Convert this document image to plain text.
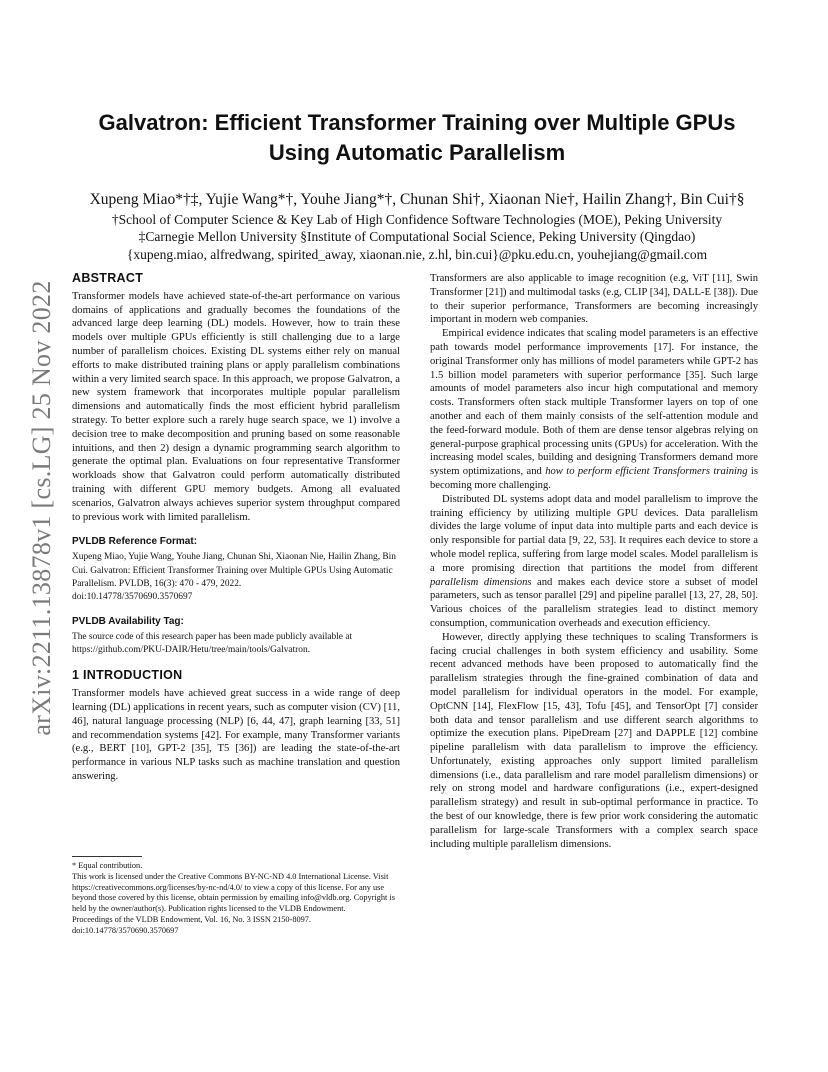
arXiv:2211.13878v1 [cs.LG] 25 Nov 2022
Galvatron: Efficient Transformer Training over Multiple GPUs
Using Automatic Parallelism
Xupeng Miao*†‡, Yujie Wang*†, Youhe Jiang*†, Chunan Shi†, Xiaonan Nie†, Hailin Zhang†, Bin Cui†§
†School of Computer Science & Key Lab of High Confidence Software Technologies (MOE), Peking University
‡Carnegie Mellon University §Institute of Computational Social Science, Peking University (Qingdao)
{xupeng.miao, alfredwang, spirited_away, xiaonan.nie, z.hl, bin.cui}@pku.edu.cn, youhejiang@gmail.com
ABSTRACT

Transformer models have achieved state-of-the-art performance on various domains of applications and gradually becomes the foundations of the advanced large deep learning (DL) models. However, how to train these models over multiple GPUs efficiently is still challenging due to a large number of parallelism choices. Existing DL systems either rely on manual efforts to make distributed training plans or apply parallelism combinations within a very limited search space. In this approach, we propose Galvatron, a new system framework that incorporates multiple popular parallelism dimensions and automatically finds the most efficient hybrid parallelism strategy. To better explore such a rarely huge search space, we 1) involve a decision tree to make decomposition and pruning based on some reasonable intuitions, and then 2) design a dynamic programming search algorithm to generate the optimal plan. Evaluations on four representative Transformer workloads show that Galvatron could perform automatically distributed training with different GPU memory budgets. Among all evaluated scenarios, Galvatron always achieves superior system throughput compared to previous work with limited parallelism.

PVLDB Reference Format:

Xupeng Miao, Yujie Wang, Youhe Jiang, Chunan Shi, Xiaonan Nie, Hailin Zhang, Bin Cui. Galvatron: Efficient Transformer Training over Multiple GPUs Using Automatic Parallelism. PVLDB, 16(3): 470 - 479, 2022.

doi:10.14778/3570690.3570697

PVLDB Availability Tag:

The source code of this research paper has been made publicly available at https://github.com/PKU-DAIR/Hetu/tree/main/tools/Galvatron.

1 INTRODUCTION

Transformer models have achieved great success in a wide range of deep learning (DL) applications in recent years, such as computer vision (CV) [11, 46], natural language processing (NLP) [6, 44, 47], graph learning [33, 51] and recommendation systems [42]. For example, many Transformer variants (e.g., BERT [10], GPT-2 [35], T5 [36]) are leading the state-of-the-art performance in various NLP tasks such as machine translation and question answering.

* Equal contribution.

This work is licensed under the Creative Commons BY-NC-ND 4.0 International License. Visit https://creativecommons.org/licenses/by-nc-nd/4.0/ to view a copy of this license. For any use beyond those covered by this license, obtain permission by emailing info@vldb.org. Copyright is held by the owner/author(s). Publication rights licensed to the VLDB Endowment.

Proceedings of the VLDB Endowment, Vol. 16, No. 3 ISSN 2150-8097.

doi:10.14778/3570690.3570697

Transformers are also applicable to image recognition (e.g, ViT [11], Swin Transformer [21]) and multimodal tasks (e.g, CLIP [34], DALL-E [38]). Due to their superior performance, Transformers are becoming increasingly important in modern web companies.

Empirical evidence indicates that scaling model parameters is an effective path towards model performance improvements [17]. For instance, the original Transformer only has millions of model parameters while GPT-2 has 1.5 billion model parameters with superior performance [35]. Such large amounts of model parameters also incur high computational and memory costs. Transformers often stack multiple Transformer layers on top of one another and each of them mainly consists of the self-attention module and the feed-forward module. Both of them are dense tensor algebras relying on general-purpose graphical processing units (GPUs) for acceleration. With the increasing model scales, building and designing Transformers demand more system optimizations, and how to perform efficient Transformers training is becoming more challenging.

Distributed DL systems adopt data and model parallelism to improve the training efficiency by utilizing multiple GPU devices. Data parallelism divides the large volume of input data into multiple parts and each device is only responsible for partial data [9, 22, 53]. It requires each device to store a whole model replica, suffering from large model scales. Model parallelism is a more promising direction that partitions the model from different parallelism dimensions and makes each device store a subset of model parameters, such as tensor parallel [29] and pipeline parallel [13, 27, 28, 50]. Various choices of the parallelism strategies lead to distinct memory consumption, communication overheads and execution efficiency.

However, directly applying these techniques to scaling Transformers is facing crucial challenges in both system efficiency and usability. Some recent advanced methods have been proposed to automatically find the parallelism strategies through the fine-grained combination of data and model parallelism for individual operators in the model. For example, OptCNN [14], FlexFlow [15, 43], Tofu [45], and TensorOpt [7] consider both data and tensor parallelism and use different search algorithms to optimize the execution plans. PipeDream [27] and DAPPLE [12] combine pipeline parallelism with data parallelism to improve the efficiency. Unfortunately, existing approaches only support limited parallelism dimensions (i.e., data parallelism and rare model parallelism dimensions) or rely on strong model and hardware configurations (i.e., expert-designed parallelism strategy) and result in sub-optimal performance in practice. To the best of our knowledge, there is few prior work considering the automatic parallelism for large-scale Transformers with a complex search space including multiple parallelism dimensions.
